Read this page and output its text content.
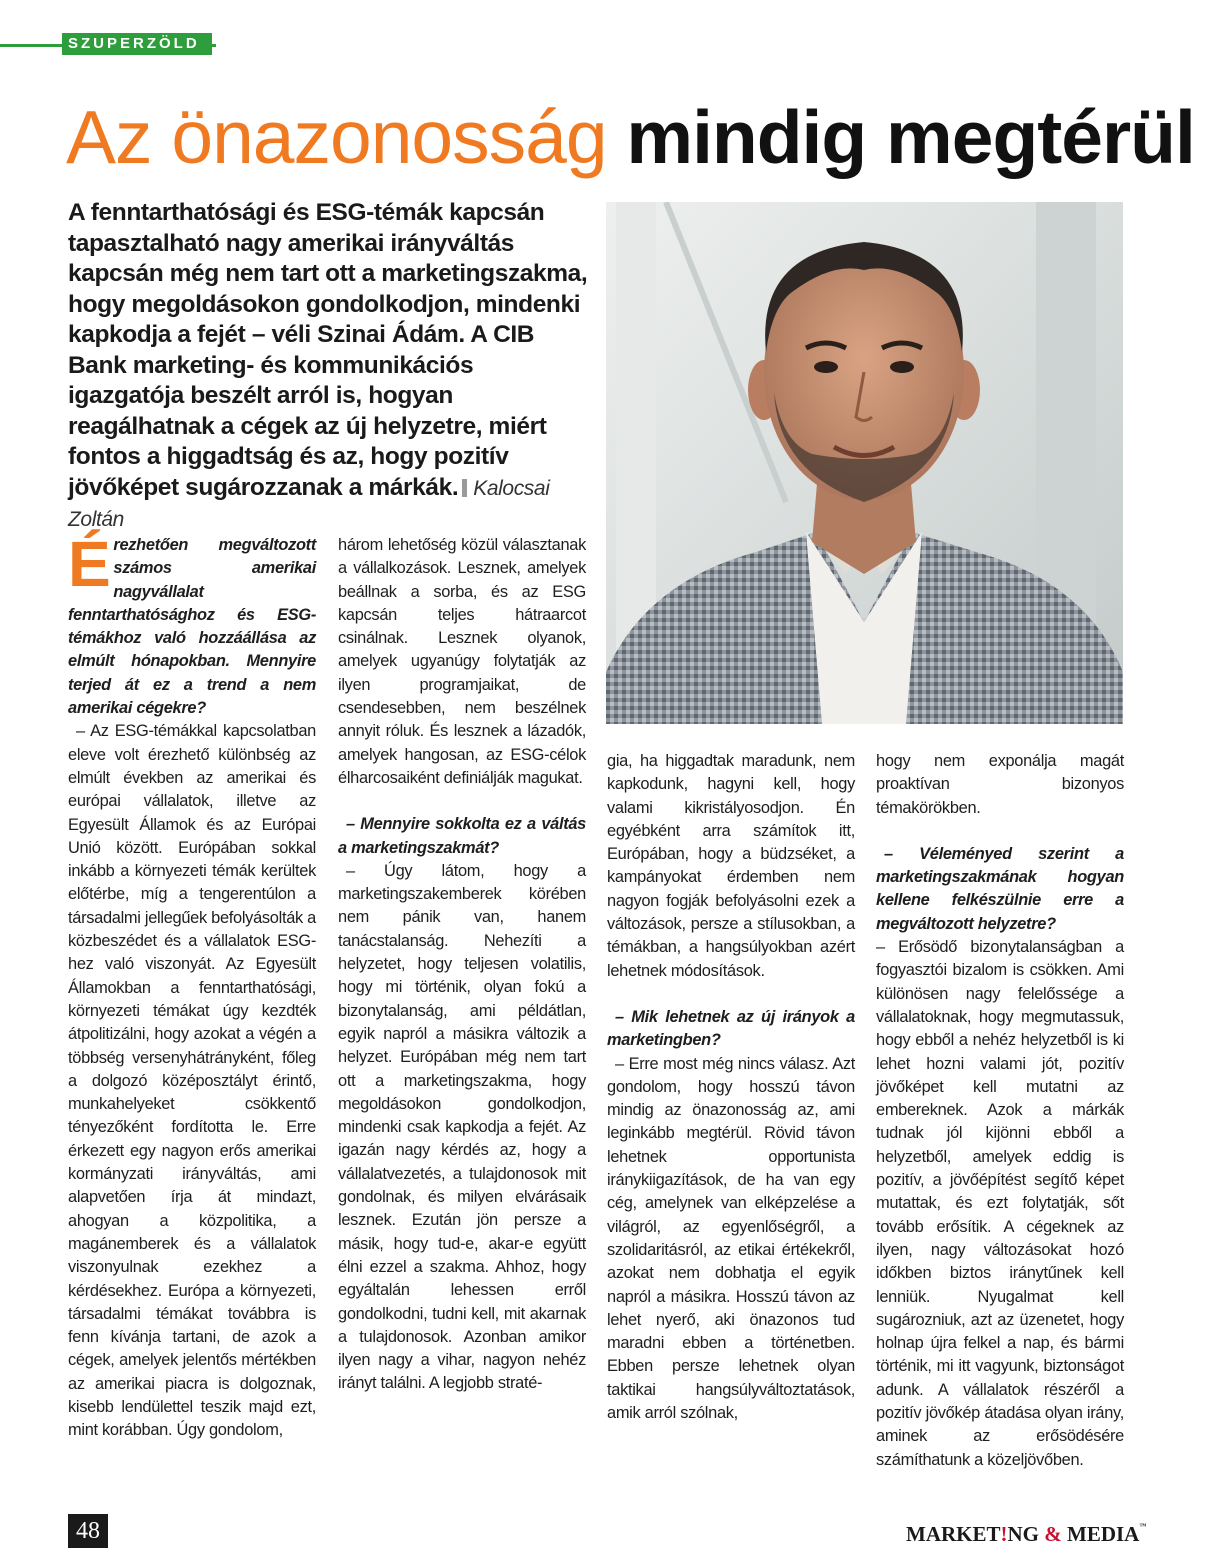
SZUPERZÖLD
Az önazonosság mindig megtérül

A fenntarthatósági és ESG-témák kapcsán tapasztalható nagy amerikai irányváltás kapcsán még nem tart ott a marketingszakma, hogy megoldásokon gondolkodjon, mindenki kapkodja a fejét – véli Szinai Ádám. A CIB Bank marketing- és kommunikációs igazgatója beszélt arról is, hogyan reagálhatnak a cégek az új helyzetre, miért fontos a higgadtság és az, hogy pozitív jövőképet sugározzanak a márkák. Kalocsai Zoltán

Érezhetően megváltozott számos amerikai nagyvállalat fenntarthatósághoz és ESG-témákhoz való hozzáállása az elmúlt hónapokban. Mennyire terjed át ez a trend a nem amerikai cégekre?

– Az ESG-témákkal kapcsolatban eleve volt érezhető különbség az elmúlt években az amerikai és európai vállalatok, illetve az Egyesült Államok és az Európai Unió között. Európában sokkal inkább a környezeti témák kerültek előtérbe, míg a tengerentúlon a társadalmi jellegűek befolyásolták a közbeszédet és a vállalatok ESG-hez való viszonyát. Az Egyesült Államokban a fenntarthatósági, környezeti témákat úgy kezdték átpolitizálni, hogy azokat a végén a többség versenyhátrányként, főleg a dolgozó középosztályt érintő, munkahelyeket csökkentő tényezőként fordította le. Erre érkezett egy nagyon erős amerikai kormányzati irányváltás, ami alapvetően írja át mindazt, ahogyan a közpolitika, a magánemberek és a vállalatok viszonyulnak ezekhez a kérdésekhez. Európa a környezeti, társadalmi témákat továbbra is fenn kívánja tartani, de azok a cégek, amelyek jelentős mértékben az amerikai piacra is dolgoznak, kisebb lendülettel teszik majd ezt, mint korábban. Úgy gondolom,

három lehetőség közül választanak a vállalkozások. Lesznek, amelyek beállnak a sorba, és az ESG kapcsán teljes hátraarcot csinálnak. Lesznek olyanok, amelyek ugyanúgy folytatják az ilyen programjaikat, de csendesebben, nem beszélnek annyit róluk. És lesznek a lázadók, amelyek hangosan, az ESG-célok élharcosaiként definiálják magukat.

– Mennyire sokkolta ez a váltás a marketingszakmát?

– Úgy látom, hogy a marketingszakemberek körében nem pánik van, hanem tanácstalanság. Nehezíti a helyzetet, hogy teljesen volatilis, hogy mi történik, olyan fokú a bizonytalanság, ami példátlan, egyik napról a másikra változik a helyzet. Európában még nem tart ott a marketingszakma, hogy megoldásokon gondolkodjon, mindenki csak kapkodja a fejét. Az igazán nagy kérdés az, hogy a vállalatvezetés, a tulajdonosok mit gondolnak, és milyen elvárásaik lesznek. Ezután jön persze a másik, hogy tud-e, akar-e együtt élni ezzel a szakma. Ahhoz, hogy egyáltalán lehessen erről gondolkodni, tudni kell, mit akarnak a tulajdonosok. Azonban amikor ilyen nagy a vihar, nagyon nehéz irányt találni. A legjobb straté-

gia, ha higgadtak maradunk, nem kapkodunk, hagyni kell, hogy valami kikristályosodjon. Én egyébként arra számítok itt, Európában, hogy a büdzséket, a kampányokat érdemben nem nagyon fogják befolyásolni ezek a változások, persze a stílusokban, a témákban, a hangsúlyokban azért lehetnek módosítások.

– Mik lehetnek az új irányok a marketingben?

– Erre most még nincs válasz. Azt gondolom, hogy hosszú távon mindig az önazonosság az, ami leginkább megtérül. Rövid távon lehetnek opportunista iránykiigazítások, de ha van egy cég, amelynek van elképzelése a világról, az egyenlőségről, a szolidaritásról, az etikai értékekről, azokat nem dobhatja el egyik napról a másikra. Hosszú távon az lehet nyerő, aki önazonos tud maradni ebben a történetben. Ebben persze lehetnek olyan taktikai hangsúlyváltoztatások, amik arról szólnak,

hogy nem exponálja magát proaktívan bizonyos témakörökben.

– Véleményed szerint a marketingszakmának hogyan kellene felkészülnie erre a megváltozott helyzetre?

– Erősödő bizonytalanságban a fogyasztói bizalom is csökken. Ami különösen nagy felelőssége a vállalatoknak, hogy megmutassuk, hogy ebből a nehéz helyzetből is ki lehet hozni valami jót, pozitív jövőképet kell mutatni az embereknek. Azok a márkák tudnak jól kijönni ebből a helyzetből, amelyek eddig is pozitív, a jövőépítést segítő képet mutattak, és ezt folytatják, sőt tovább erősítik. A cégeknek az ilyen, nagy változásokat hozó időkben biztos iránytűnek kell lenniük. Nyugalmat kell sugározniuk, azt az üzenetet, hogy holnap újra felkel a nap, és bármi történik, mi itt vagyunk, biztonságot adunk. A vállalatok részéről a pozitív jövőkép átadása olyan irány, aminek az erősödésére számíthatunk a közeljövőben.

48	MARKET!NG & MEDIA™
